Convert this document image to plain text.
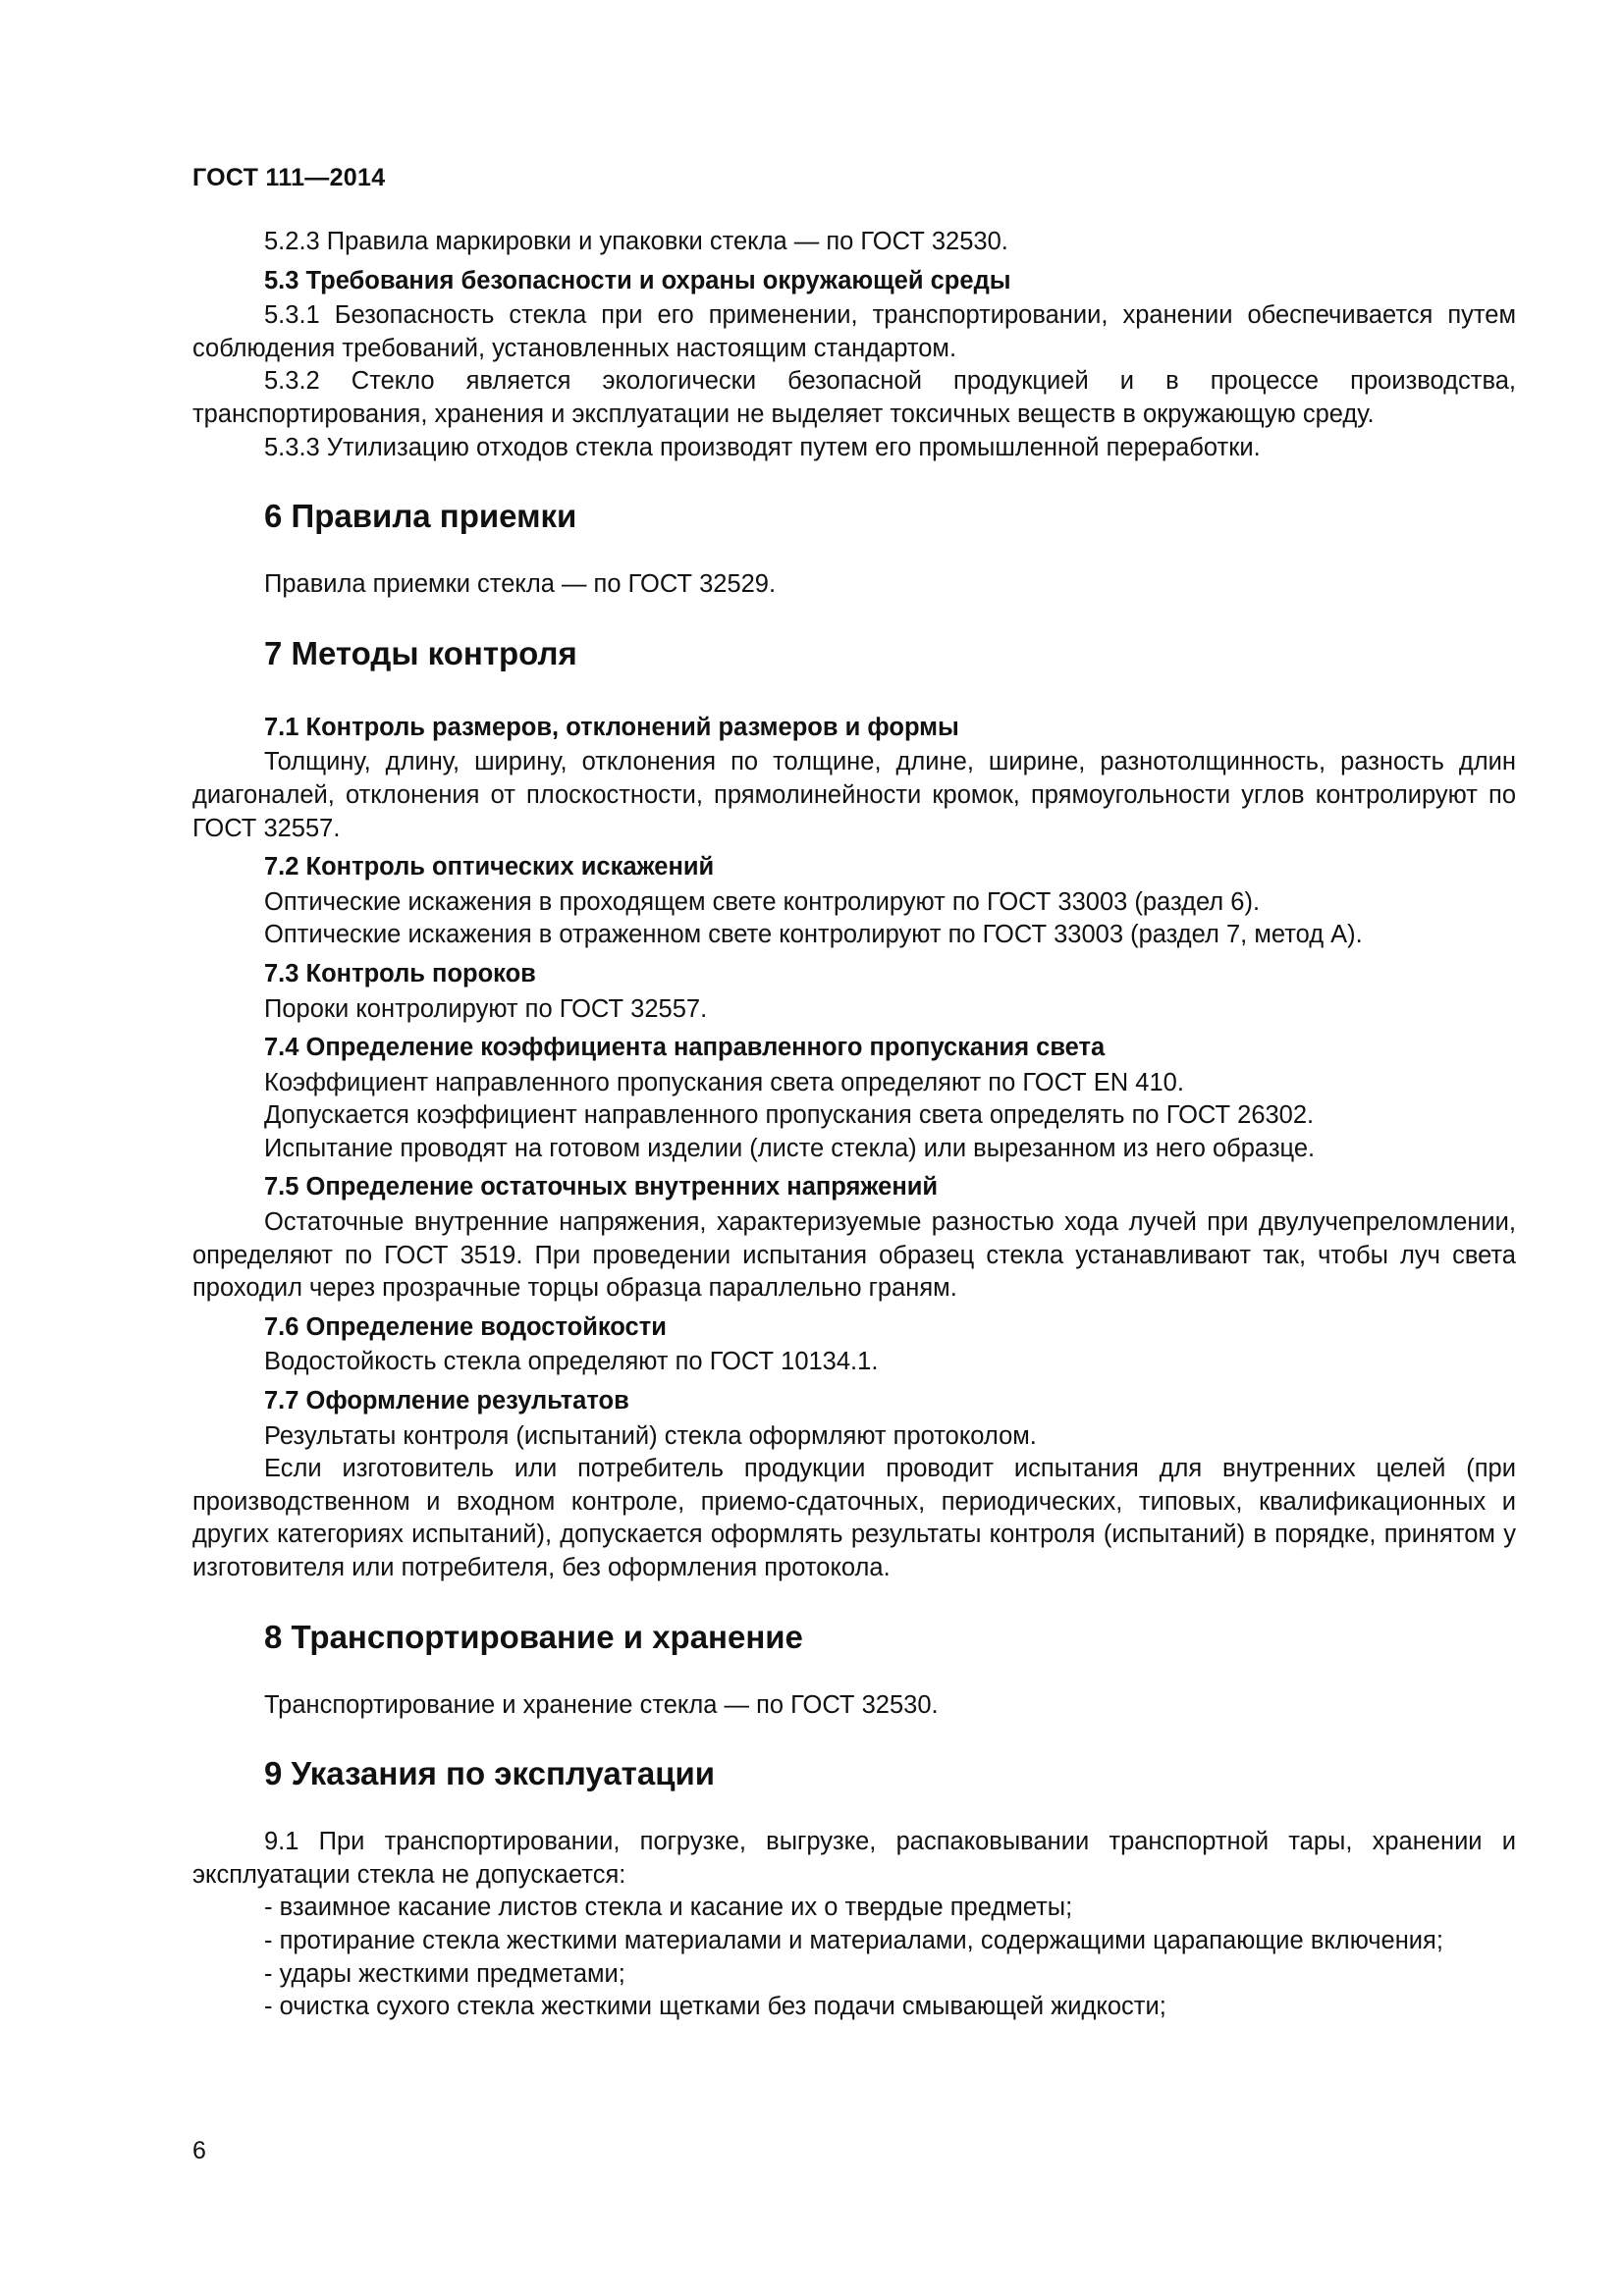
ГОСТ 111—2014

5.2.3 Правила маркировки и упаковки стекла — по ГОСТ 32530.

5.3 Требования безопасности и охраны окружающей среды

5.3.1 Безопасность стекла при его применении, транспортировании, хранении обеспечивается путем соблюдения требований, установленных настоящим стандартом.

5.3.2 Стекло является экологически безопасной продукцией и в процессе производства, транспортирования, хранения и эксплуатации не выделяет токсичных веществ в окружающую среду.

5.3.3 Утилизацию отходов стекла производят путем его промышленной переработки.

6 Правила приемки

Правила приемки стекла — по ГОСТ 32529.

7 Методы контроля
7.1 Контроль размеров, отклонений размеров и формы

Толщину, длину, ширину, отклонения по толщине, длине, ширине, разнотолщинность, разность длин диагоналей, отклонения от плоскостности, прямолинейности кромок, прямоугольности углов контролируют по ГОСТ 32557.

7.2 Контроль оптических искажений

Оптические искажения в проходящем свете контролируют по ГОСТ 33003 (раздел 6).

Оптические искажения в отраженном свете контролируют по ГОСТ 33003 (раздел 7, метод А).

7.3 Контроль пороков

Пороки контролируют по ГОСТ 32557.

7.4 Определение коэффициента направленного пропускания света

Коэффициент направленного пропускания света определяют по ГОСТ EN 410.

Допускается коэффициент направленного пропускания света определять по ГОСТ 26302.

Испытание проводят на готовом изделии (листе стекла) или вырезанном из него образце.

7.5 Определение остаточных внутренних напряжений

Остаточные внутренние напряжения, характеризуемые разностью хода лучей при двулучепреломлении, определяют по ГОСТ 3519. При проведении испытания образец стекла устанавливают так, чтобы луч света проходил через прозрачные торцы образца параллельно граням.

7.6 Определение водостойкости

Водостойкость стекла определяют по ГОСТ 10134.1.

7.7 Оформление результатов

Результаты контроля (испытаний) стекла оформляют протоколом.

Если изготовитель или потребитель продукции проводит испытания для внутренних целей (при производственном и входном контроле, приемо-сдаточных, периодических, типовых, квалификационных и других категориях испытаний), допускается оформлять результаты контроля (испытаний) в порядке, принятом у изготовителя или потребителя, без оформления протокола.

8 Транспортирование и хранение

Транспортирование и хранение стекла — по ГОСТ 32530.

9 Указания по эксплуатации

9.1 При транспортировании, погрузке, выгрузке, распаковывании транспортной тары, хранении и эксплуатации стекла не допускается:

- взаимное касание листов стекла и касание их о твердые предметы;

- протирание стекла жесткими материалами и материалами, содержащими царапающие включения;

- удары жесткими предметами;

- очистка сухого стекла жесткими щетками без подачи смывающей жидкости;

6
